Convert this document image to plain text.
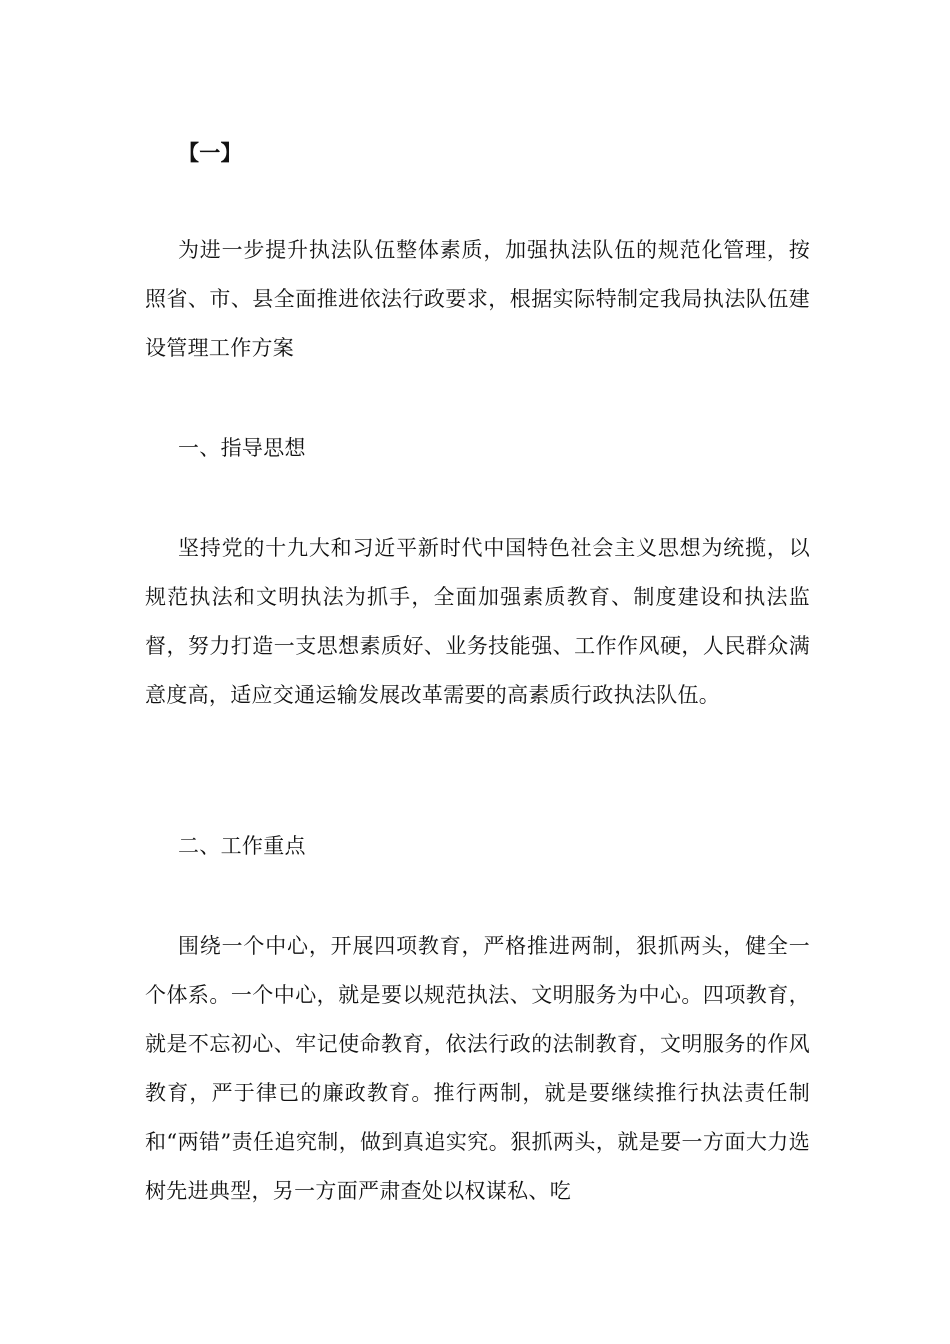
【一】

为进一步提升执法队伍整体素质，加强执法队伍的规范化管理，按照省、市、县全面推进依法行政要求，根据实际特制定我局执法队伍建设管理工作方案

一、指导思想

坚持党的十九大和习近平新时代中国特色社会主义思想为统揽，以规范执法和文明执法为抓手，全面加强素质教育、制度建设和执法监督，努力打造一支思想素质好、业务技能强、工作作风硬，人民群众满意度高，适应交通运输发展改革需要的高素质行政执法队伍。

二、工作重点

围绕一个中心，开展四项教育，严格推进两制，狠抓两头，健全一个体系。一个中心，就是要以规范执法、文明服务为中心。四项教育，就是不忘初心、牢记使命教育，依法行政的法制教育，文明服务的作风教育，严于律已的廉政教育。推行两制，就是要继续推行执法责任制和“两错”责任追究制，做到真追实究。狠抓两头，就是要一方面大力选树先进典型，另一方面严肃查处以权谋私、吃
